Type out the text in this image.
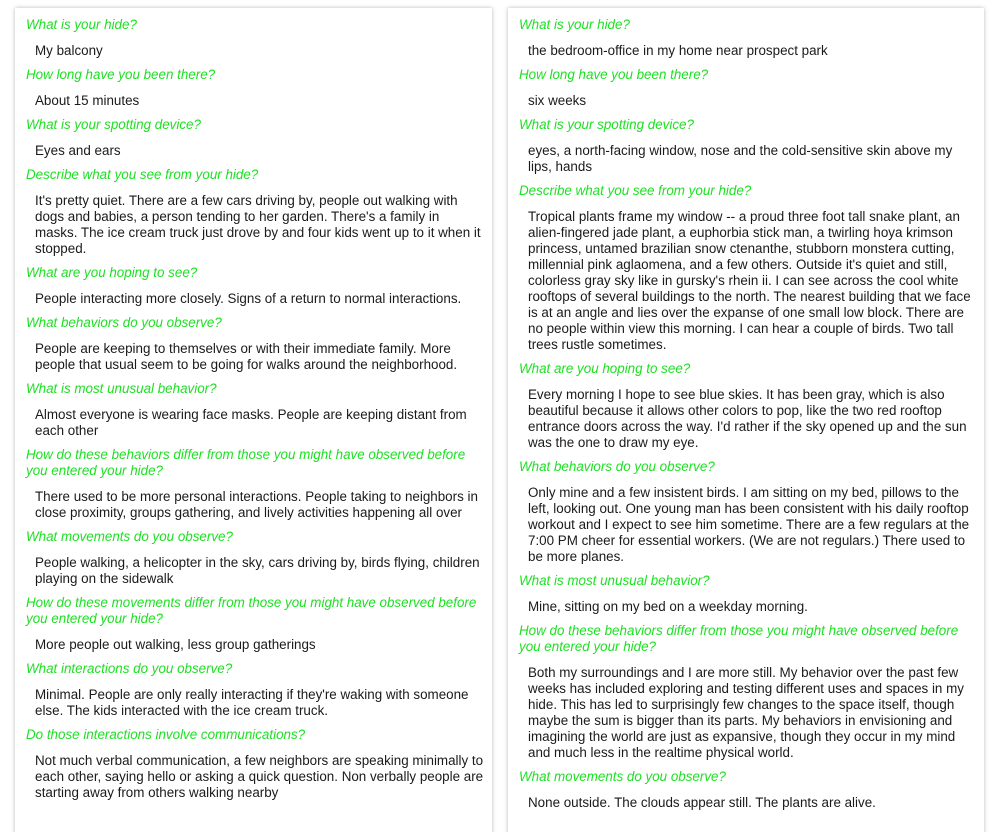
What is your hide?
My balcony
How long have you been there?
About 15 minutes
What is your spotting device?
Eyes and ears
Describe what you see from your hide?
It's pretty quiet. There are a few cars driving by, people out walking with dogs and babies, a person tending to her garden. There's a family in masks. The ice cream truck just drove by and four kids went up to it when it stopped.
What are you hoping to see?
People interacting more closely. Signs of a return to normal interactions.
What behaviors do you observe?
People are keeping to themselves or with their immediate family. More people that usual seem to be going for walks around the neighborhood.
What is most unusual behavior?
Almost everyone is wearing face masks. People are keeping distant from each other
How do these behaviors differ from those you might have observed before you entered your hide?
There used to be more personal interactions. People taking to neighbors in close proximity, groups gathering, and lively activities happening all over
What movements do you observe?
People walking, a helicopter in the sky, cars driving by, birds flying, children playing on the sidewalk
How do these movements differ from those you might have observed before you entered your hide?
More people out walking, less group gatherings
What interactions do you observe?
Minimal. People are only really interacting if they're waking with someone else. The kids interacted with the ice cream truck.
Do those interactions involve communications?
Not much verbal communication, a few neighbors are speaking minimally to each other, saying hello or asking a quick question. Non verbally people are starting away from others walking nearby
What is your hide?
the bedroom-office in my home near prospect park
How long have you been there?
six weeks
What is your spotting device?
eyes, a north-facing window, nose and the cold-sensitive skin above my lips, hands
Describe what you see from your hide?
Tropical plants frame my window -- a proud three foot tall snake plant, an alien-fingered jade plant, a euphorbia stick man, a twirling hoya krimson princess, untamed brazilian snow ctenanthe, stubborn monstera cutting, millennial pink aglaomena, and a few others. Outside it's quiet and still, colorless gray sky like in gursky's rhein ii. I can see across the cool white rooftops of several buildings to the north. The nearest building that we face is at an angle and lies over the expanse of one small low block. There are no people within view this morning. I can hear a couple of birds. Two tall trees rustle sometimes.
What are you hoping to see?
Every morning I hope to see blue skies. It has been gray, which is also beautiful because it allows other colors to pop, like the two red rooftop entrance doors across the way. I'd rather if the sky opened up and the sun was the one to draw my eye.
What behaviors do you observe?
Only mine and a few insistent birds. I am sitting on my bed, pillows to the left, looking out. One young man has been consistent with his daily rooftop workout and I expect to see him sometime. There are a few regulars at the 7:00 PM cheer for essential workers. (We are not regulars.) There used to be more planes.
What is most unusual behavior?
Mine, sitting on my bed on a weekday morning.
How do these behaviors differ from those you might have observed before you entered your hide?
Both my surroundings and I are more still. My behavior over the past few weeks has included exploring and testing different uses and spaces in my hide. This has led to surprisingly few changes to the space itself, though maybe the sum is bigger than its parts. My behaviors in envisioning and imagining the world are just as expansive, though they occur in my mind and much less in the realtime physical world.
What movements do you observe?
None outside. The clouds appear still. The plants are alive.
